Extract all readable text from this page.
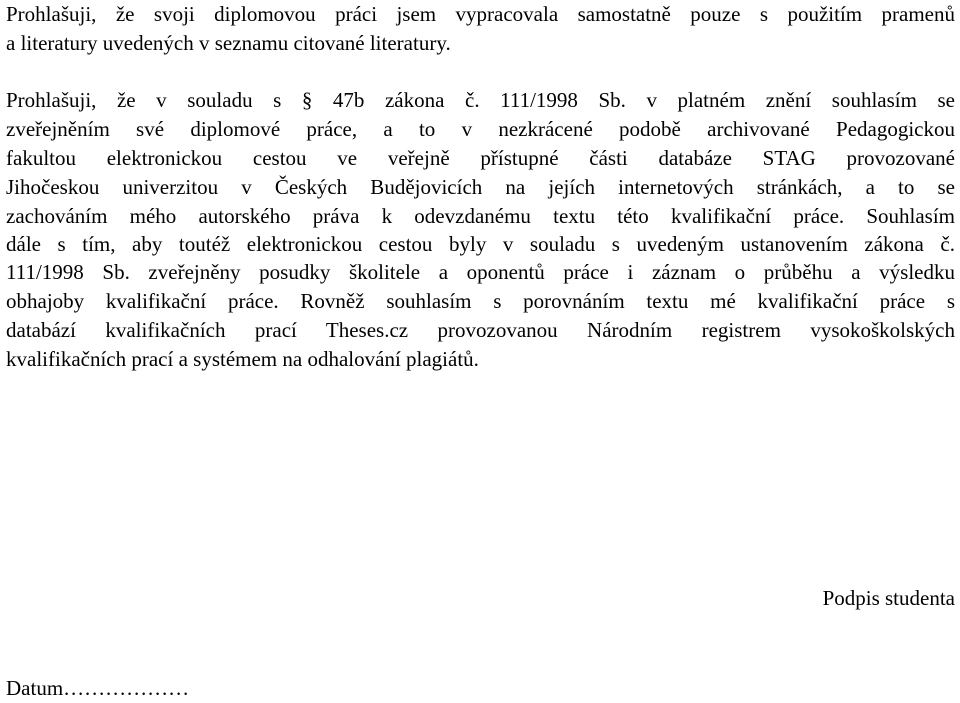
Prohlašuji, že svoji diplomovou práci jsem vypracovala samostatně pouze s použitím pramenů
a literatury uvedených v seznamu citované literatury.
Prohlašuji, že v souladu s § 47b zákona č. 111/1998 Sb. v platném znění souhlasím se
zveřejněním své diplomové práce, a to v nezkrácené podobě archivované Pedagogickou
fakultou elektronickou cestou ve veřejně přístupné části databáze STAG provozované
Jihočeskou univerzitou v Českých Budějovicích na jejích internetových stránkách, a to se
zachováním mého autorského práva k odevzdanému textu této kvalifikační práce. Souhlasím
dále s tím, aby toutéž elektronickou cestou byly v souladu s uvedeným ustanovením zákona č.
111/1998 Sb. zveřejněny posudky školitele a oponentů práce i záznam o průběhu a výsledku
obhajoby kvalifikační práce. Rovněž souhlasím s porovnáním textu mé kvalifikační práce s
databází kvalifikačních prací Theses.cz provozovanou Národním registrem vysokoškolských
kvalifikačních prací a systémem na odhalování plagiátů.
Podpis studenta
Datum………………
